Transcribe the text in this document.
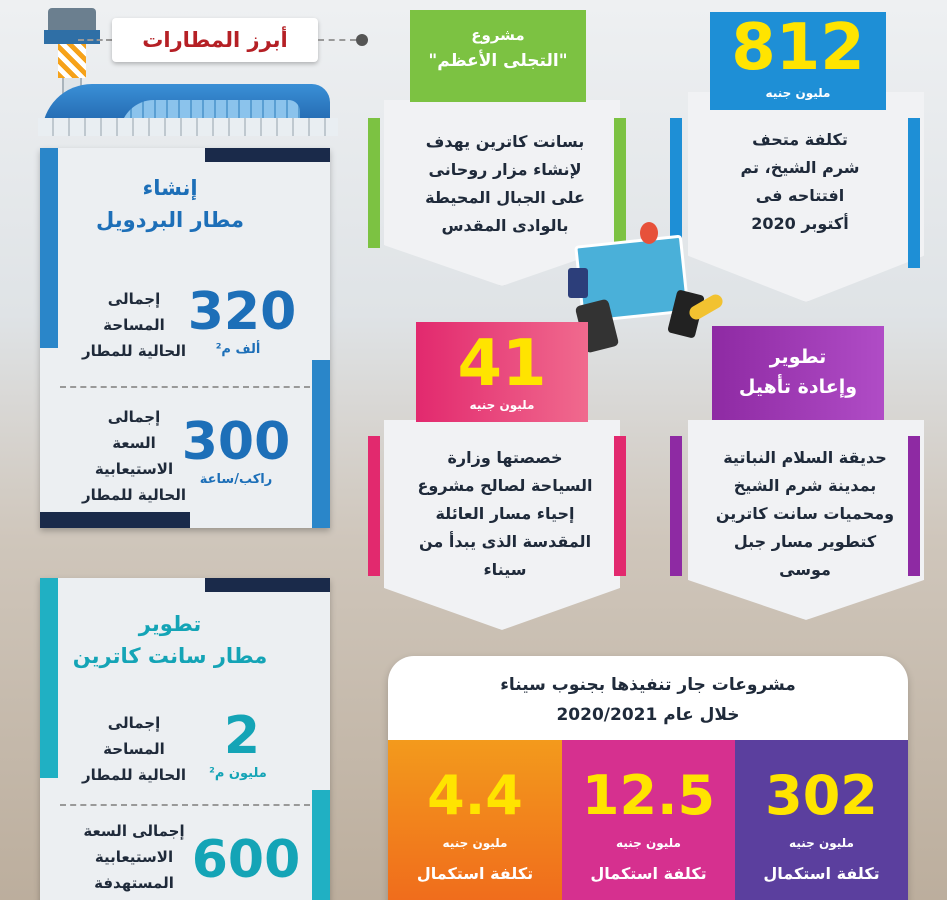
أبرز المطارات
إنشاء
مطار البردويل
320
ألف م²
إجمالى
المساحة
الحالية للمطار
300
راكب/ساعة
إجمالى
السعة
الاستيعابية
الحالية للمطار
تطوير
مطار سانت كاترين
2
مليون م²
إجمالى
المساحة
الحالية للمطار
600
إجمالى السعة
الاستيعابية
المستهدفة
812
مليون جنيه
تكلفة متحف
شرم الشيخ، تم
افتتاحه فى
أكتوبر 2020
مشروع
"التجلى الأعظم"
بسانت كاترين يهدف
لإنشاء مزار روحانى
على الجبال المحيطة
بالوادى المقدس
41
مليون جنيه
خصصتها وزارة
السياحة لصالح مشروع
إحياء مسار العائلة
المقدسة الذى يبدأ من
سيناء
تطوير
وإعادة تأهيل
حديقة السلام النباتية
بمدينة شرم الشيخ
ومحميات سانت كاترين
كتطوير مسار جبل
موسى
مشروعات جار تنفيذها بجنوب سيناء
خلال عام 2020/2021
302
مليون جنيه
تكلفة استكمال
12.5
مليون جنيه
تكلفة استكمال
4.4
مليون جنيه
تكلفة استكمال
